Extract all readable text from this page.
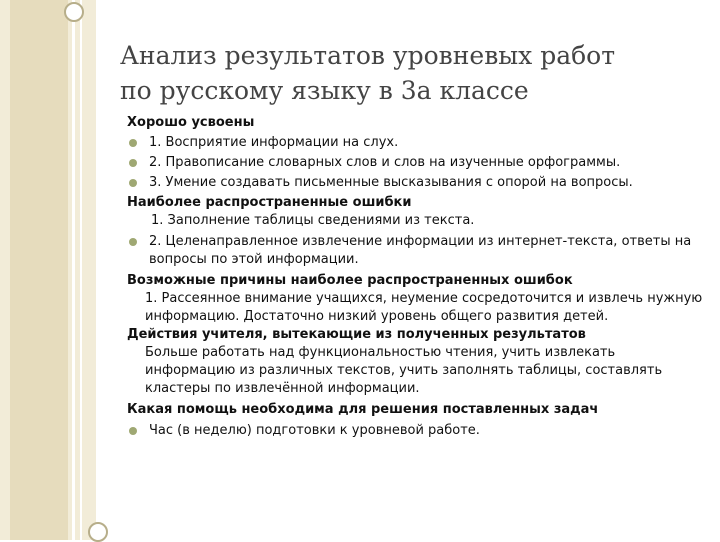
Анализ результатов уровневых работ
по русскому языку в 3а классе

Хорошо усвоены

1. Восприятие информации на слух.
2. Правописание словарных слов и слов на изученные орфограммы.
3. Умение создавать письменные высказывания с опорой на вопросы.

Наиболее распространенные ошибки

1. Заполнение таблицы сведениями из текста.

2. Целенаправленное извлечение информации из интернет-текста, ответы на вопросы по этой информации.

Возможные причины наиболее распространенных ошибок

1. Рассеянное внимание учащихся, неумение сосредоточится и извлечь нужную информацию. Достаточно низкий уровень общего развития детей.

Действия учителя, вытекающие из полученных результатов

Больше работать над функциональностью чтения, учить извлекать информацию из различных текстов, учить заполнять таблицы, составлять кластеры по извлечённой информации.

Какая помощь необходима для решения поставленных задач

Час (в неделю) подготовки к уровневой работе.
